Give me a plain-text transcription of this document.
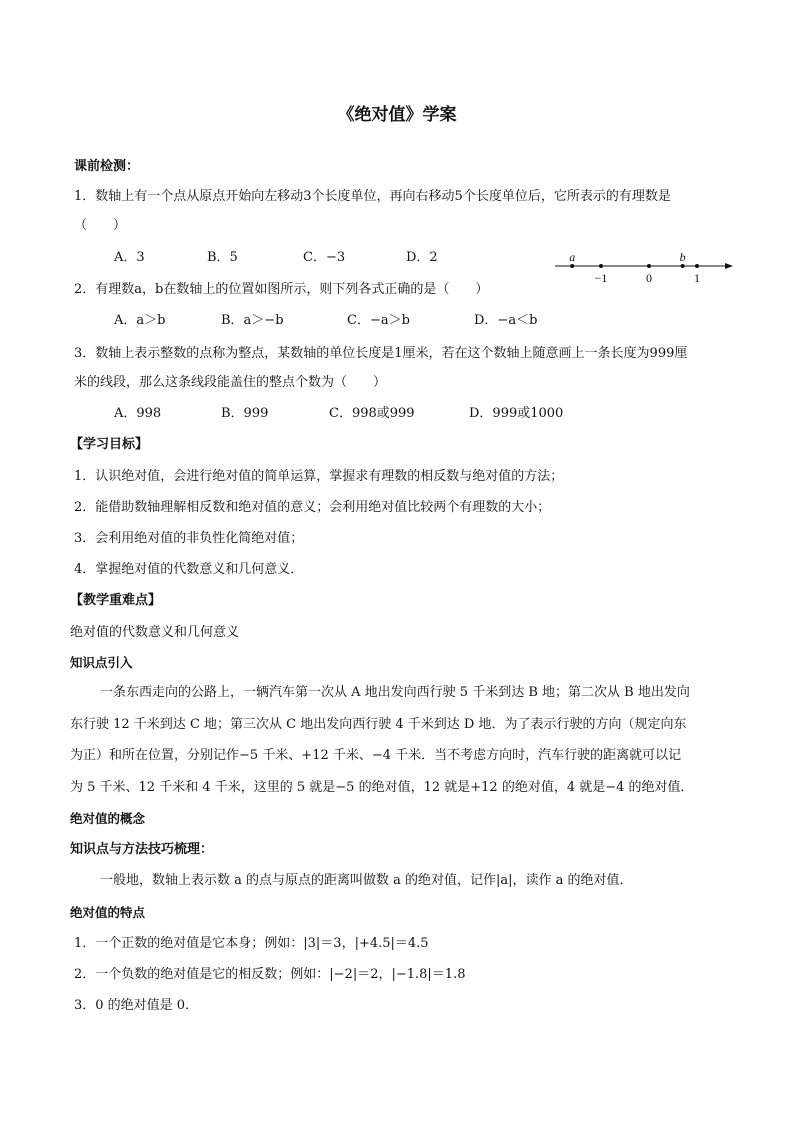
《绝对值》学案
课前检测：
1．数轴上有一个点从原点开始向左移动3个长度单位，再向右移动5个长度单位后，它所表示的有理数是
（　　）
A．3	B．5	C．−3	D．2	a	b
−1	0	1
2．有理数a，b在数轴上的位置如图所示，则下列各式正确的是（　　）
A．a＞b	B．a＞−b	C．−a＞b	D．−a＜b
3．数轴上表示整数的点称为整点，某数轴的单位长度是1厘米，若在这个数轴上随意画上一条长度为999厘
米的线段，那么这条线段能盖住的整点个数为（　　）
A．998	B．999	C．998或999	D．999或1000
【学习目标】
1．认识绝对值，会进行绝对值的简单运算，掌握求有理数的相反数与绝对值的方法；
2．能借助数轴理解相反数和绝对值的意义；会利用绝对值比较两个有理数的大小；
3．会利用绝对值的非负性化简绝对值；
4．掌握绝对值的代数意义和几何意义．
【教学重难点】
绝对值的代数意义和几何意义
知识点引入
一条东西走向的公路上，一辆汽车第一次从 A 地出发向西行驶 5 千米到达 B 地；第二次从 B 地出发向
东行驶 12 千米到达 C 地；第三次从 C 地出发向西行驶 4 千米到达 D 地．为了表示行驶的方向（规定向东
为正）和所在位置，分别记作−5 千米、+12 千米、−4 千米．当不考虑方向时，汽车行驶的距离就可以记
为 5 千米、12 千米和 4 千米，这里的 5 就是−5 的绝对值，12 就是+12 的绝对值，4 就是−4 的绝对值．
绝对值的概念
知识点与方法技巧梳理：
一般地，数轴上表示数 a 的点与原点的距离叫做数 a 的绝对值，记作|a|，读作 a 的绝对值．
绝对值的特点
1．一个正数的绝对值是它本身；例如：|3|＝3，|+4.5|＝4.5
2．一个负数的绝对值是它的相反数；例如：|−2|＝2，|−1.8|＝1.8
3．0 的绝对值是 0．
